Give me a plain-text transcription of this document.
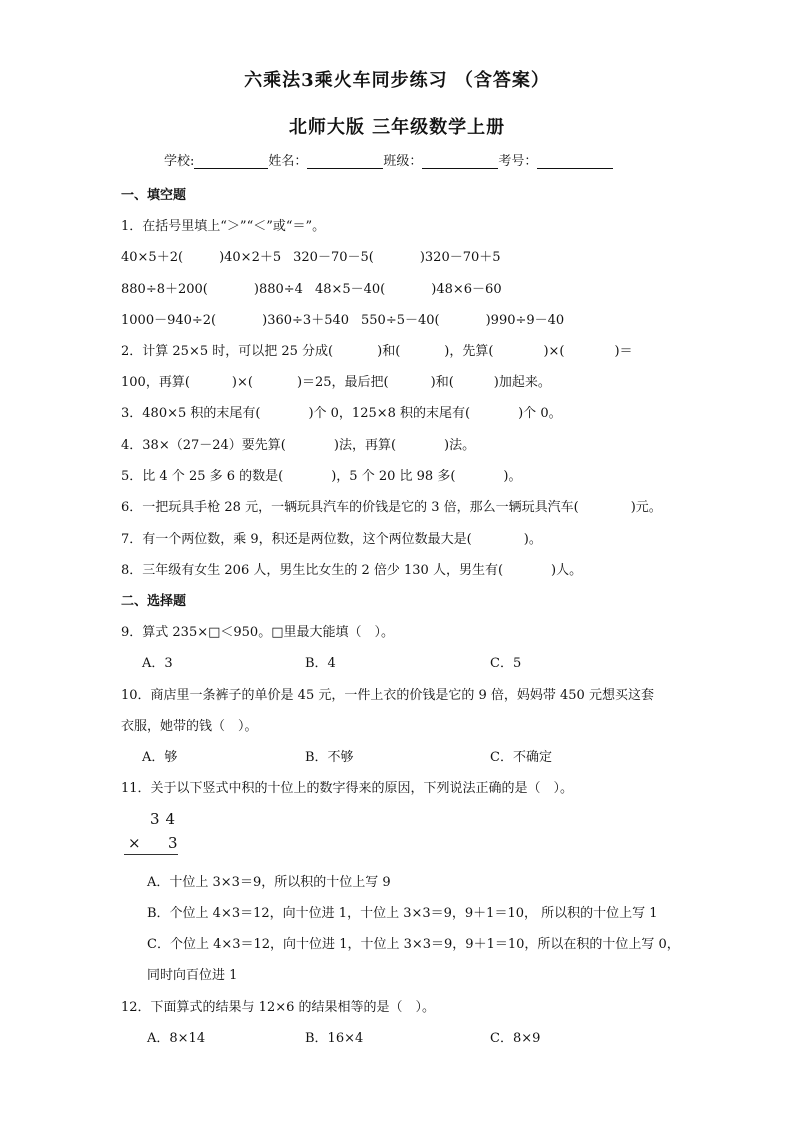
六乘法3乘火车同步练习 （含答案）
北师大版 三年级数学上册
学校:	姓名：	班级：	考号：
一、填空题
1．在括号里填上“＞”“＜”或“＝”。
40×5＋2(	)40×2＋5 320－70－5(	)320－70＋5
880÷8＋200(	)880÷4 48×5－40(	)48×6－60
1000－940÷2(	)360÷3＋540 550÷5－40(	)990÷9－40
2．计算 25×5 时，可以把 25 分成(	)和(	)，先算(	)×(	)＝
100，再算(	)×(	)＝25，最后把(	)和(	)加起来。
3．480×5 积的末尾有(	)个 0，125×8 积的末尾有(	)个 0。
4．38×（27－24）要先算(	)法，再算(	)法。
5．比 4 个 25 多 6 的数是(	)，5 个 20 比 98 多(	)。
6．一把玩具手枪 28 元，一辆玩具汽车的价钱是它的 3 倍，那么一辆玩具汽车(	)元。
7．有一个两位数，乘 9，积还是两位数，这个两位数最大是(	)。
8．三年级有女生 206 人，男生比女生的 2 倍少 130 人，男生有(	)人。
二、选择题
9．算式 235×□＜950。□里最大能填（　）。
A．3	B．4	C．5
10．商店里一条裤子的单价是 45 元，一件上衣的价钱是它的 9 倍，妈妈带 450 元想买这套
衣服，她带的钱（　）。
A．够	B．不够	C．不确定
11．关于以下竖式中积的十位上的数字得来的原因，下列说法正确的是（　）。
34
× 3
A．十位上 3×3＝9，所以积的十位上写 9
B．个位上 4×3＝12，向十位进 1，十位上 3×3＝9，9＋1＝10， 所以积的十位上写 1
C．个位上 4×3＝12，向十位进 1，十位上 3×3＝9，9＋1＝10，所以在积的十位上写 0，
同时向百位进 1
12．下面算式的结果与 12×6 的结果相等的是（　）。
A．8×14	B．16×4	C．8×9
